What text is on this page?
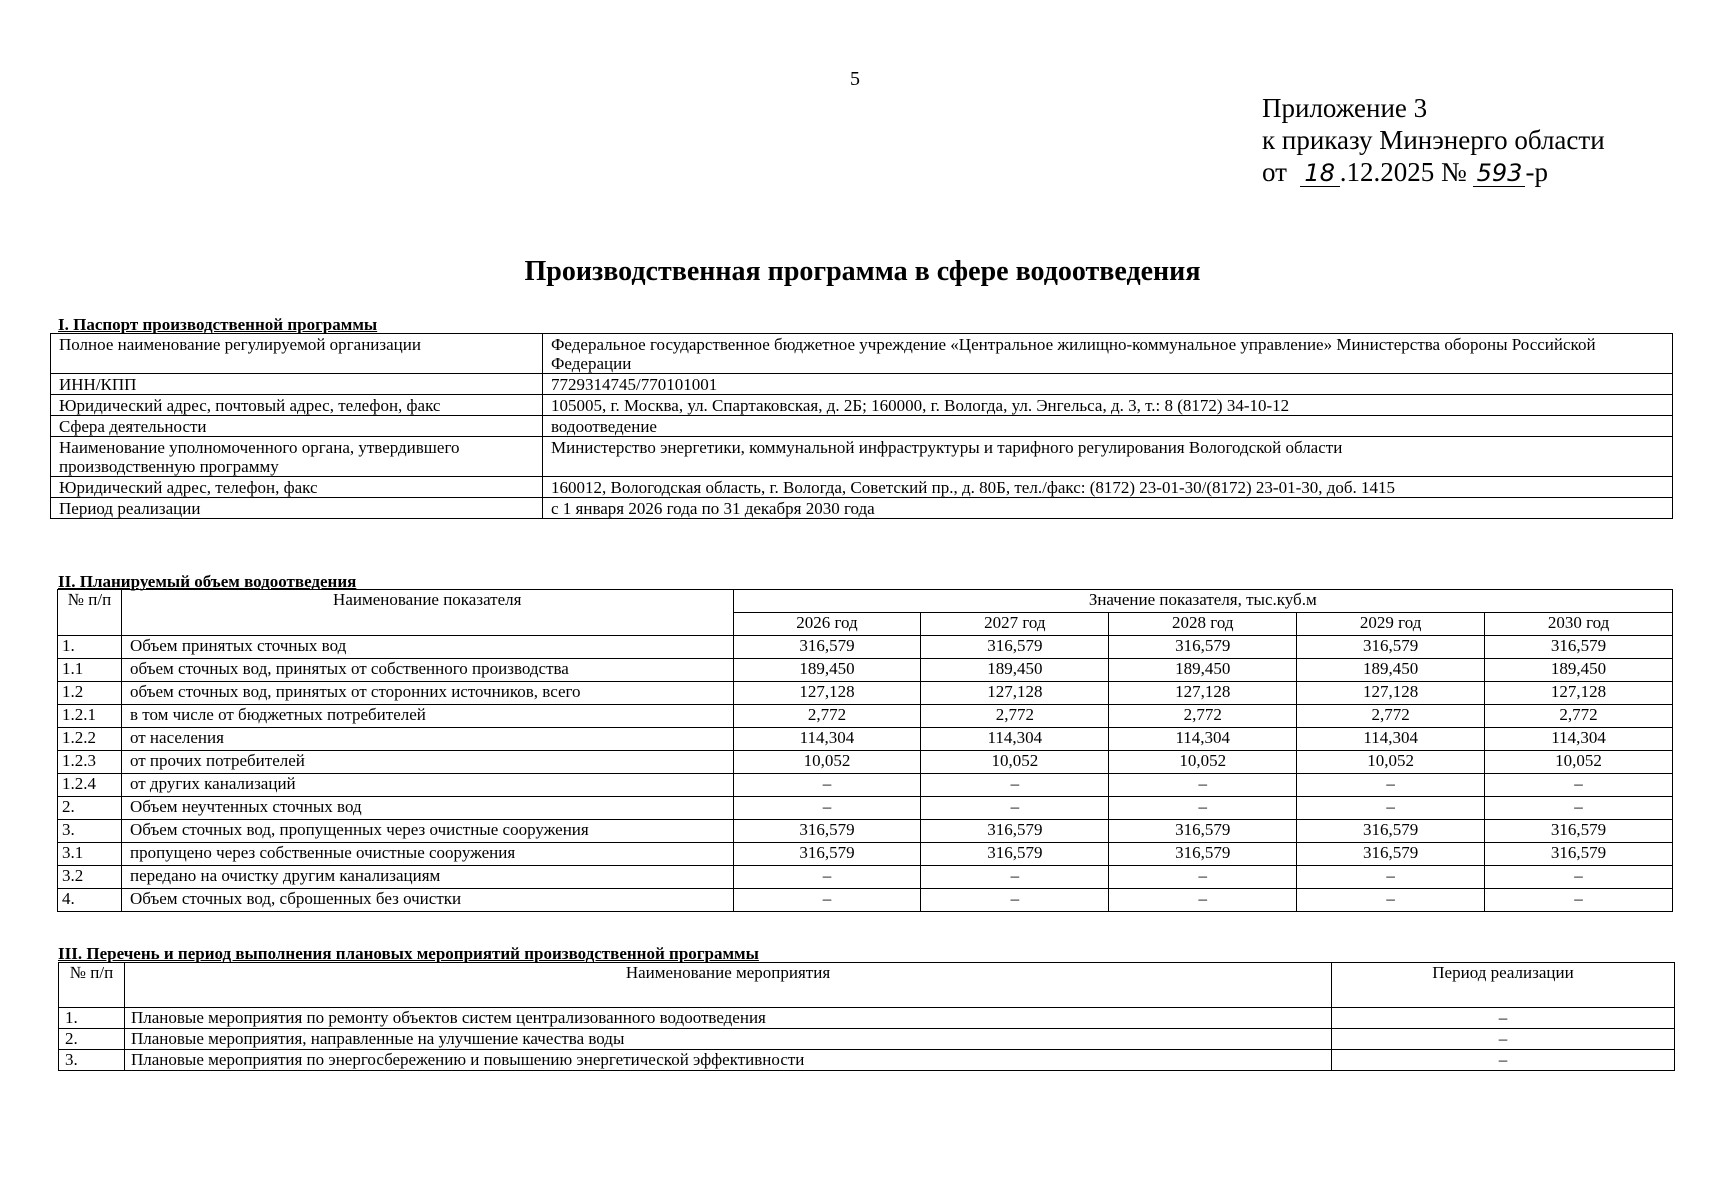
5
Приложение 3
к приказу Минэнерго области
от 18 .12.2025 № 593 -р
Производственная программа в сфере водоотведения
I. Паспорт производственной программы
Полное наименование регулируемой организации	Федеральное государственное бюджетное учреждение «Центральное жилищно-коммунальное управление» Министерства обороны Российской Федерации
ИНН/КПП	7729314745/770101001
Юридический адрес, почтовый адрес, телефон, факс	105005, г. Москва, ул. Спартаковская, д. 2Б; 160000, г. Вологда, ул. Энгельса, д. 3, т.: 8 (8172) 34-10-12
Сфера деятельности	водоотведение
Наименование уполномоченного органа, утвердившего производственную программу	Министерство энергетики, коммунальной инфраструктуры и тарифного регулирования Вологодской области
Юридический адрес, телефон, факс	160012, Вологодская область, г. Вологда, Советский пр., д. 80Б, тел./факс: (8172) 23-01-30/(8172) 23-01-30, доб. 1415
Период реализации	с 1 января 2026 года по 31 декабря 2030 года
II. Планируемый объем водоотведения
№ п/п	Наименование показателя	Значение показателя, тыс.куб.м				
		2026 год	2027 год	2028 год	2029 год	2030 год
1.	Объем принятых сточных вод	316,579	316,579	316,579	316,579	316,579
1.1	объем сточных вод, принятых от собственного производства	189,450	189,450	189,450	189,450	189,450
1.2	объем сточных вод, принятых от сторонних источников, всего	127,128	127,128	127,128	127,128	127,128
1.2.1	в том числе от бюджетных потребителей	2,772	2,772	2,772	2,772	2,772
1.2.2	от населения	114,304	114,304	114,304	114,304	114,304
1.2.3	от прочих потребителей	10,052	10,052	10,052	10,052	10,052
1.2.4	от других канализаций	–	–	–	–	–
2.	Объем неучтенных сточных вод	–	–	–	–	–
3.	Объем сточных вод, пропущенных через очистные сооружения	316,579	316,579	316,579	316,579	316,579
3.1	пропущено через собственные очистные сооружения	316,579	316,579	316,579	316,579	316,579
3.2	передано на очистку другим канализациям	–	–	–	–	–
4.	Объем сточных вод, сброшенных без очистки	–	–	–	–	–
III. Перечень и период выполнения плановых мероприятий производственной программы
№ п/п	Наименование мероприятия	Период реализации
1.	Плановые мероприятия по ремонту объектов систем централизованного водоотведения	–
2.	Плановые мероприятия, направленные на улучшение качества воды	–
3.	Плановые мероприятия по энергосбережению и повышению энергетической эффективности	–
